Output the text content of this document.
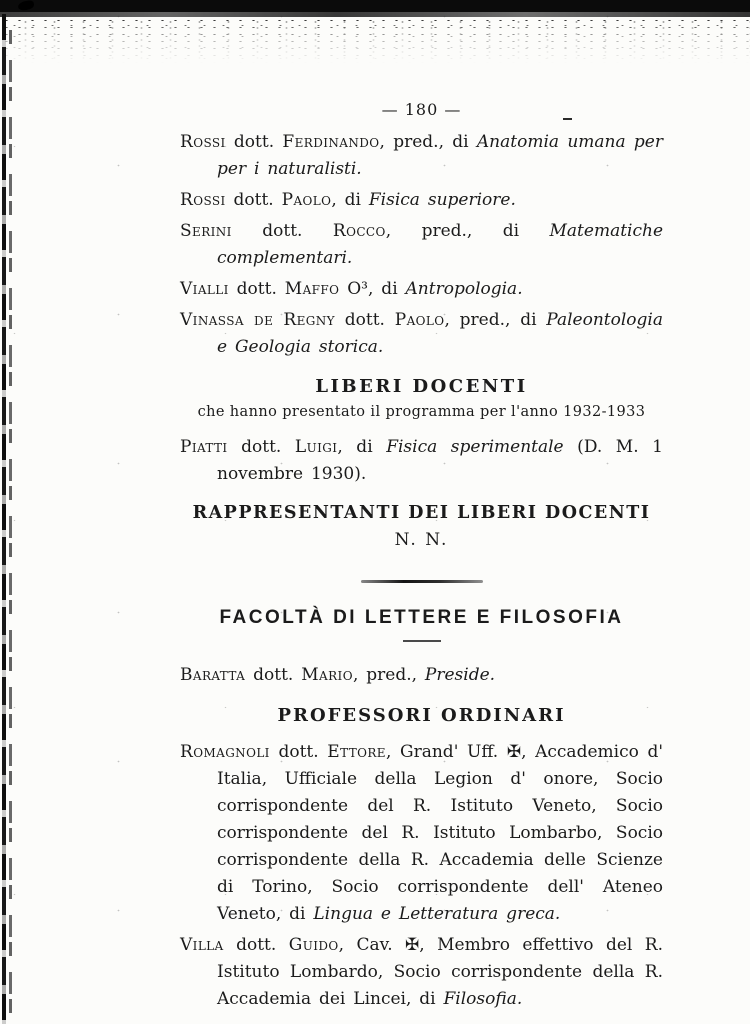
— 180 —

Rossi dott. Ferdinando, pred., di Anatomia umana per per i naturalisti.

Rossi dott. Paolo, di Fisica superiore.

Serini dott. Rocco, pred., di Matematiche complementari.

Vialli dott. Maffo O³, di Antropologia.

Vinassa de Regny dott. Paolo, pred., di Paleontologia e Geologia storica.

LIBERI DOCENTI
che hanno presentato il programma per l'anno 1932-1933

Piatti dott. Luigi, di Fisica sperimentale (D. M. 1 novembre 1930).

RAPPRESENTANTI DEI LIBERI DOCENTI
N. N.
FACOLTÀ DI LETTERE E FILOSOFIA

Baratta dott. Mario, pred., Preside.

PROFESSORI ORDINARI

Romagnoli dott. Ettore, Grand' Uff. ✠, Accademico d' Italia, Ufficiale della Legion d' onore, Socio corrispondente del R. Istituto Veneto, Socio corrispondente del R. Istituto Lombarbo, Socio corrispondente della R. Accademia delle Scienze di Torino, Socio corrispondente dell' Ateneo Veneto, di Lingua e Letteratura greca.

Villa dott. Guido, Cav. ✠, Membro effettivo del R. Istituto Lombardo, Socio corrispondente della R. Accademia dei Lincei, di Filosofia.
